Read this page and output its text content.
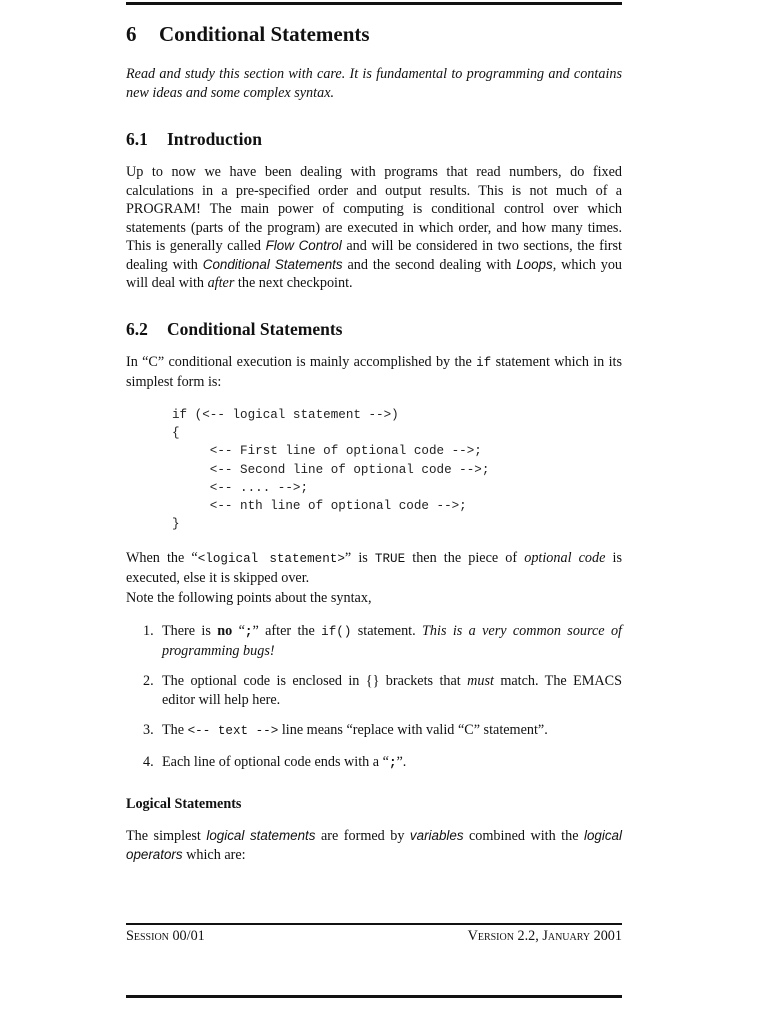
6 Conditional Statements

Read and study this section with care. It is fundamental to programming and contains new ideas and some complex syntax.

6.1 Introduction

Up to now we have been dealing with programs that read numbers, do fixed calculations in a pre-specified order and output results. This is not much of a PROGRAM! The main power of computing is conditional control over which statements (parts of the program) are executed in which order, and how many times. This is generally called Flow Control and will be considered in two sections, the first dealing with Conditional Statements and the second dealing with Loops, which you will deal with after the next checkpoint.

6.2 Conditional Statements

In “C” conditional execution is mainly accomplished by the if statement which in its simplest form is:

if (<-- logical statement -->)
{
<-- First line of optional code -->;
<-- Second line of optional code -->;
<-- .... -->;
<-- nth line of optional code -->;
}

When the “<logical statement>” is TRUE then the piece of optional code is executed, else it is skipped over.

Note the following points about the syntax,

1. There is no “;” after the if() statement. This is a very common source of programming bugs!
2. The optional code is enclosed in {} brackets that must match. The EMACS editor will help here.
3. The <-- text --> line means “replace with valid “C” statement”.
4. Each line of optional code ends with a “;”.
Logical Statements

The simplest logical statements are formed by variables combined with the logical operators which are:

Session 00/01	Version 2.2, January 2001
